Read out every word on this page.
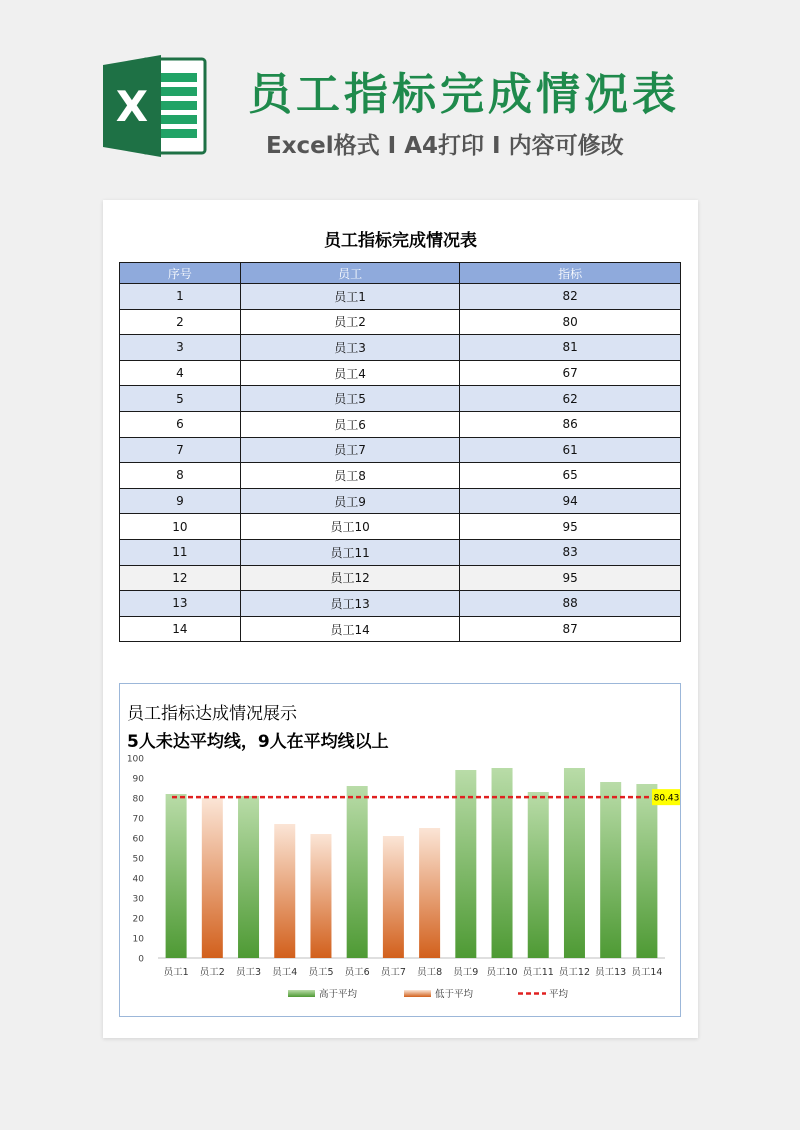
X 员工指标完成情况表
Excel格式 Ⅰ A4打印 Ⅰ 内容可修改
员工指标完成情况表
序号	员工	指标
1	员工1	82
2	员工2	80
3	员工3	81
4	员工4	67
5	员工5	62
6	员工6	86
7	员工7	61
8	员工8	65
9	员工9	94
10	员工10	95
11	员工11	83
12	员工12	95
13	员工13	88
14	员工14	87
员工指标达成情况展示
5人未达平均线，9人在平均线以上
0
10
20
30
40
50
60
70
80
90
100
员工1 员工2 员工3 员工4 员工5 员工6 员工7 员工8 员工9 员工10 员工11 员工12 员工13 员工14
80.43
高于平均	低于平均	平均
